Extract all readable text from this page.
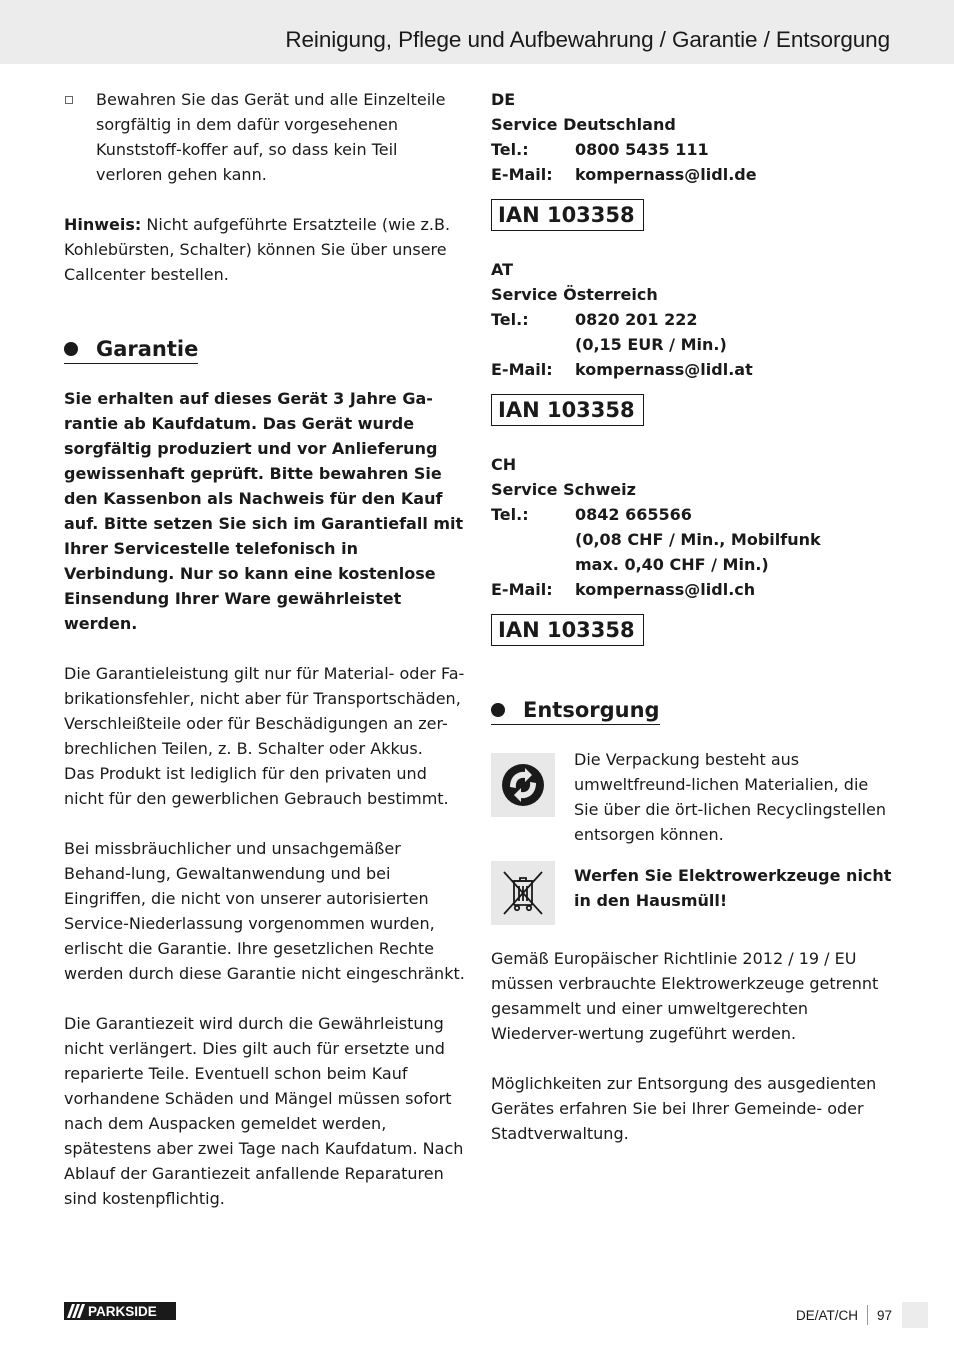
Reinigung, Pflege und Aufbewahrung / Garantie / Entsorgung

Bewahren Sie das Gerät und alle Einzelteile sorgfältig in dem dafür vorgesehenen Kunststoff-koffer auf, so dass kein Teil verloren gehen kann.

Hinweis: Nicht aufgeführte Ersatzteile (wie z.B. Kohlebürsten, Schalter) können Sie über unsere Callcenter bestellen.

Garantie

Sie erhalten auf dieses Gerät 3 Jahre Ga-rantie ab Kaufdatum. Das Gerät wurde sorgfältig produziert und vor Anlieferung gewissenhaft geprüft. Bitte bewahren Sie den Kassenbon als Nachweis für den Kauf auf. Bitte setzen Sie sich im Garantiefall mit Ihrer Servicestelle telefonisch in Verbindung. Nur so kann eine kostenlose Einsendung Ihrer Ware gewährleistet werden.

Die Garantieleistung gilt nur für Material- oder Fa-brikationsfehler, nicht aber für Transportschäden, Verschleißteile oder für Beschädigungen an zer-brechlichen Teilen, z. B. Schalter oder Akkus.

Das Produkt ist lediglich für den privaten und nicht für den gewerblichen Gebrauch bestimmt.

Bei missbräuchlicher und unsachgemäßer Behand-lung, Gewaltanwendung und bei Eingriffen, die nicht von unserer autorisierten Service-Niederlassung vorgenommen wurden, erlischt die Garantie. Ihre gesetzlichen Rechte werden durch diese Garantie nicht eingeschränkt.

Die Garantiezeit wird durch die Gewährleistung nicht verlängert. Dies gilt auch für ersetzte und reparierte Teile. Eventuell schon beim Kauf vorhandene Schäden und Mängel müssen sofort nach dem Auspacken gemeldet werden, spätestens aber zwei Tage nach Kaufdatum. Nach Ablauf der Garantiezeit anfallende Reparaturen sind kostenpflichtig.

DE
Service Deutschland
Tel.:	0800 5435 111
E-Mail:	kompernass@lidl.de
IAN 103358
AT
Service Österreich
Tel.:	0820 201 222
(0,15 EUR / Min.)
E-Mail:	kompernass@lidl.at
IAN 103358
CH
Service Schweiz
Tel.:	0842 665566
(0,08 CHF / Min., Mobilfunk
max. 0,40 CHF / Min.)
E-Mail:	kompernass@lidl.ch
IAN 103358
Entsorgung

Die Verpackung besteht aus umweltfreund-lichen Materialien, die Sie über die ört-lichen Recyclingstellen entsorgen können.

Werfen Sie Elektrowerkzeuge nicht in den Hausmüll!

Gemäß Europäischer Richtlinie 2012 / 19 / EU müssen verbrauchte Elektrowerkzeuge getrennt gesammelt und einer umweltgerechten Wiederver-wertung zugeführt werden.

Möglichkeiten zur Entsorgung des ausgedienten Gerätes erfahren Sie bei Ihrer Gemeinde- oder Stadtverwaltung.

PARKSIDE	DE/AT/CH 97
